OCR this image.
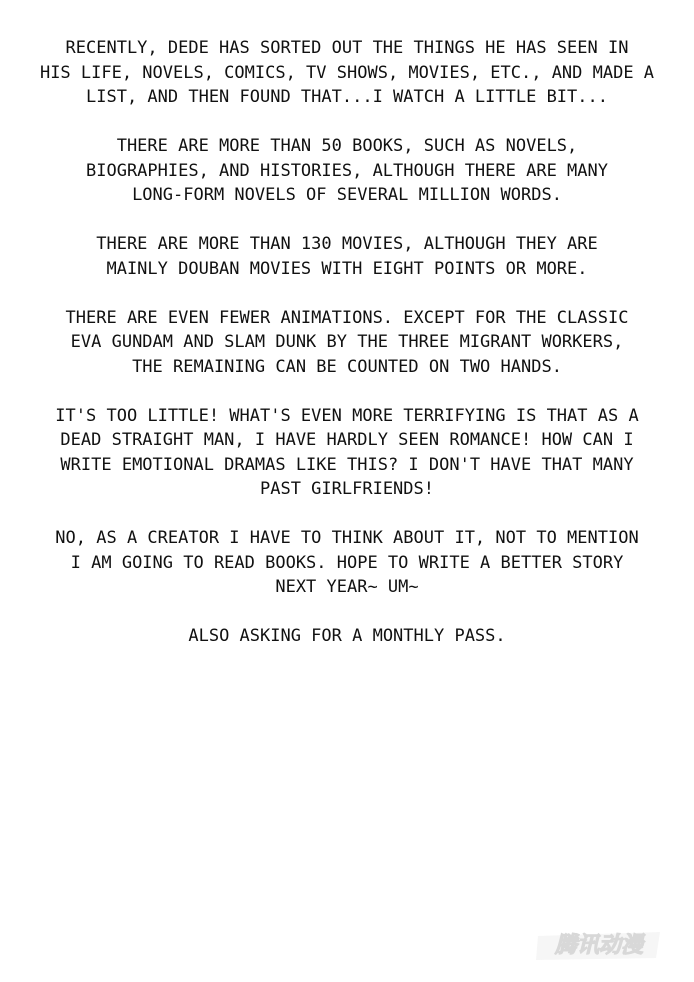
RECENTLY, DEDE HAS SORTED OUT THE THINGS HE HAS SEEN IN
HIS LIFE, NOVELS, COMICS, TV SHOWS, MOVIES, ETC., AND MADE A
LIST, AND THEN FOUND THAT...I WATCH A LITTLE BIT...
THERE ARE MORE THAN 50 BOOKS, SUCH AS NOVELS,
BIOGRAPHIES, AND HISTORIES, ALTHOUGH THERE ARE MANY
LONG-FORM NOVELS OF SEVERAL MILLION WORDS.
THERE ARE MORE THAN 130 MOVIES, ALTHOUGH THEY ARE
MAINLY DOUBAN MOVIES WITH EIGHT POINTS OR MORE.
THERE ARE EVEN FEWER ANIMATIONS. EXCEPT FOR THE CLASSIC
EVA GUNDAM AND SLAM DUNK BY THE THREE MIGRANT WORKERS,
THE REMAINING CAN BE COUNTED ON TWO HANDS.
IT'S TOO LITTLE! WHAT'S EVEN MORE TERRIFYING IS THAT AS A
DEAD STRAIGHT MAN, I HAVE HARDLY SEEN ROMANCE! HOW CAN I
WRITE EMOTIONAL DRAMAS LIKE THIS? I DON'T HAVE THAT MANY
PAST GIRLFRIENDS!
NO, AS A CREATOR I HAVE TO THINK ABOUT IT, NOT TO MENTION
I AM GOING TO READ BOOKS. HOPE TO WRITE A BETTER STORY
NEXT YEAR~ UM~
ALSO ASKING FOR A MONTHLY PASS.
腾讯动漫
